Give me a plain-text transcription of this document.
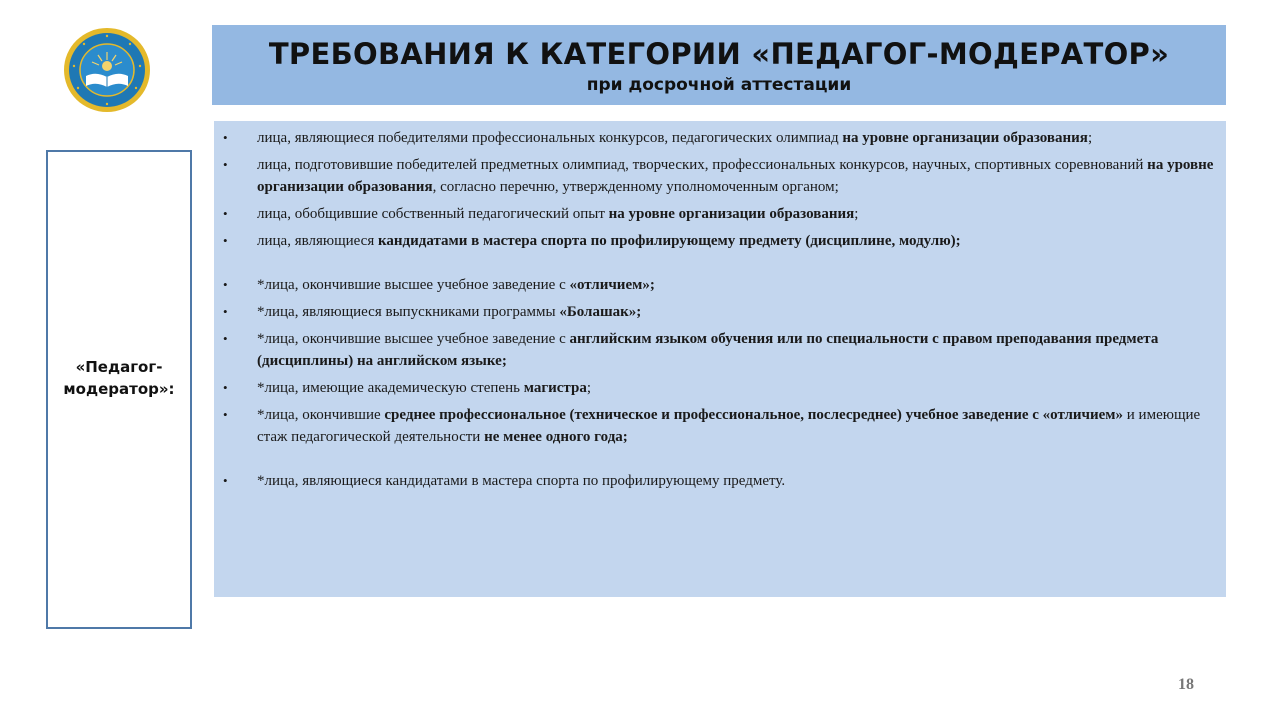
ТРЕБОВАНИЯ К КАТЕГОРИИ «ПЕДАГОГ-МОДЕРАТОР»
при досрочной аттестации
«Педагог-
модератор»:
• лица, являющиеся победителями профессиональных конкурсов, педагогических олимпиад на уровне организации образования;
• лица, подготовившие победителей предметных олимпиад, творческих, профессиональных конкурсов, научных, спортивных соревнований на уровне организации образования, согласно перечню, утвержденному уполномоченным органом;
• лица, обобщившие собственный педагогический опыт на уровне организации образования;
• лица, являющиеся кандидатами в мастера спорта по профилирующему предмету (дисциплине, модулю);
• *лица, окончившие высшее учебное заведение с «отличием»;
• *лица, являющиеся выпускниками программы «Болашак»;
• *лица, окончившие высшее учебное заведение с английским языком обучения или по специальности с правом преподавания предмета (дисциплины) на английском языке;
• *лица, имеющие академическую степень магистра;
• *лица, окончившие среднее профессиональное (техническое и профессиональное, послесреднее) учебное заведение с «отличием» и имеющие стаж педагогической деятельности не менее одного года;
• *лица, являющиеся кандидатами в мастера спорта по профилирующему предмету.
18
